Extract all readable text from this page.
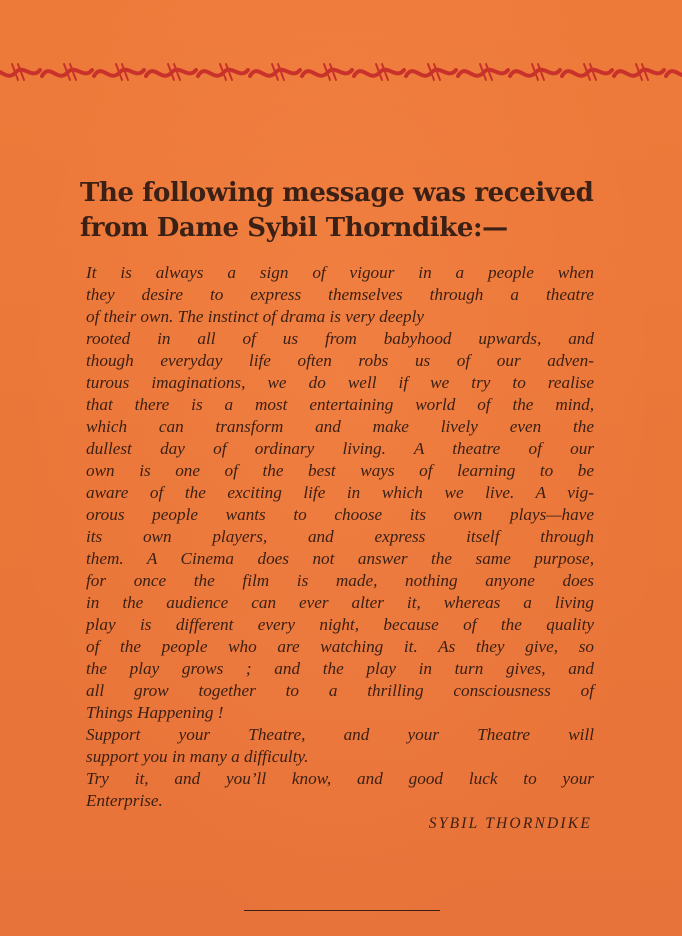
The following message was received
from Dame Sybil Thorndike:—
It is always a sign of vigour in a people when
they desire to express themselves through a theatre
of their own. The instinct of drama is very deeply
rooted in all of us from babyhood upwards, and
though everyday life often robs us of our adven-
turous imaginations, we do well if we try to realise
that there is a most entertaining world of the mind,
which can transform and make lively even the
dullest day of ordinary living. A theatre of our
own is one of the best ways of learning to be
aware of the exciting life in which we live. A vig-
orous people wants to choose its own plays—have
its own players, and express itself through
them. A Cinema does not answer the same purpose,
for once the film is made, nothing anyone does
in the audience can ever alter it, whereas a living
play is different every night, because of the quality
of the people who are watching it. As they give, so
the play grows ; and the play in turn gives, and
all grow together to a thrilling consciousness of
Things Happening !
Support your Theatre, and your Theatre will
support you in many a difficulty.
Try it, and you’ll know, and good luck to your
Enterprise.
SYBIL THORNDIKE
